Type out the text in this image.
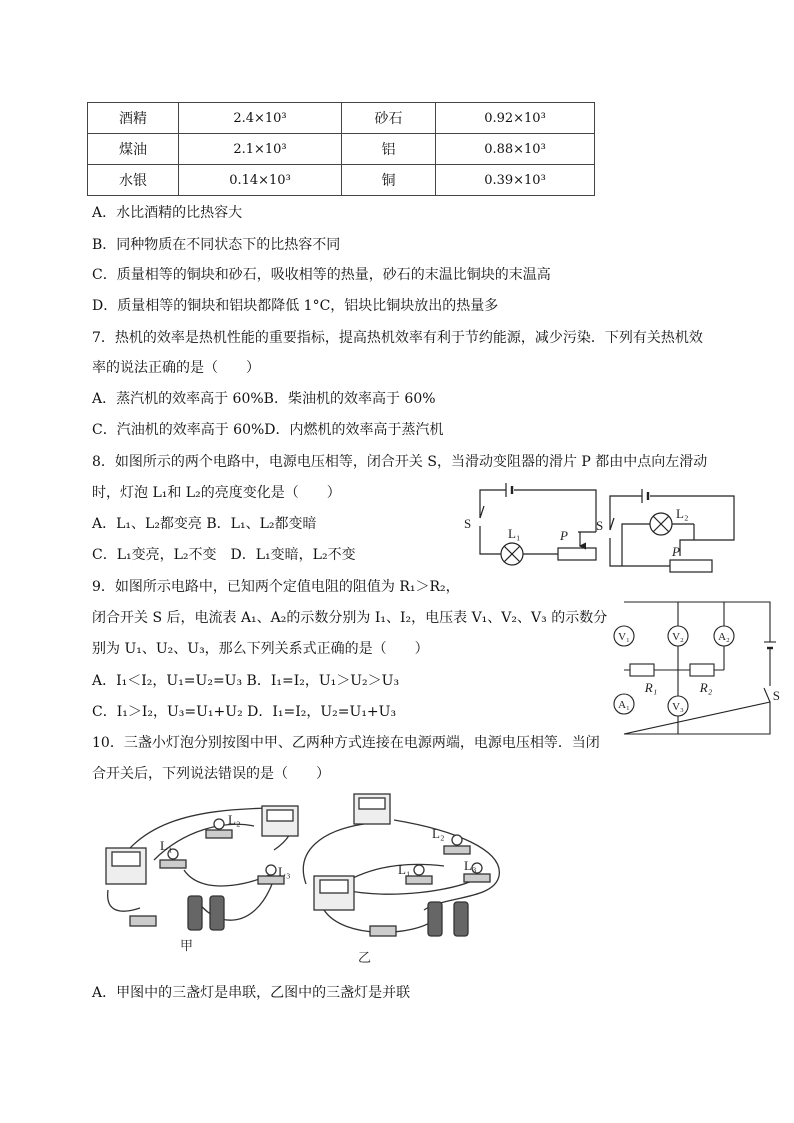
酒精	2.4×10³	砂石	0.92×10³
煤油	2.1×10³	铝	0.88×10³
水银	0.14×10³	铜	0.39×10³
A．水比酒精的比热容大
B．同种物质在不同状态下的比热容不同
C．质量相等的铜块和砂石，吸收相等的热量，砂石的末温比铜块的末温高
D．质量相等的铜块和铝块都降低 1°C，铝块比铜块放出的热量多
7．热机的效率是热机性能的重要指标，提高热机效率有利于节约能源，减少污染．下列有关热机效
率的说法正确的是（　　）
A．蒸汽机的效率高于 60%B．柴油机的效率高于 60%
C．汽油机的效率高于 60%D．内燃机的效率高于蒸汽机
8．如图所示的两个电路中，电源电压相等，闭合开关 S，当滑动变阻器的滑片 P 都由中点向左滑动
时，灯泡 L₁和 L₂的亮度变化是（　　）
A．L₁、L₂都变亮 B．L₁、L₂都变暗
C．L₁变亮，L₂不变　D．L₁变暗，L₂不变
S
L₁	P
S
L₂
P
9．如图所示电路中，已知两个定值电阻的阻值为 R₁＞R₂，
闭合开关 S 后，电流表 A₁、A₂的示数分别为 I₁、I₂，电压表 V₁、V₂、V₃ 的示数分
别为 U₁、U₂、U₃，那么下列关系式正确的是（　　）
A．I₁＜I₂，U₁=U₂=U₃ B．I₁=I₂，U₁＞U₂＞U₃
C．I₁＞I₂，U₃=U₁+U₂ D．I₁=I₂，U₂=U₁+U₃
V₁	V₂	A₂
A₁	V₃
R₁	R₂
S
10．三盏小灯泡分别按图中甲、乙两种方式连接在电源两端，电源电压相等．当闭
合开关后，下列说法错误的是（　　）
L₁
L₂
L₃
甲
L₁
L₂
L₃
乙
A．甲图中的三盏灯是串联，乙图中的三盏灯是并联
